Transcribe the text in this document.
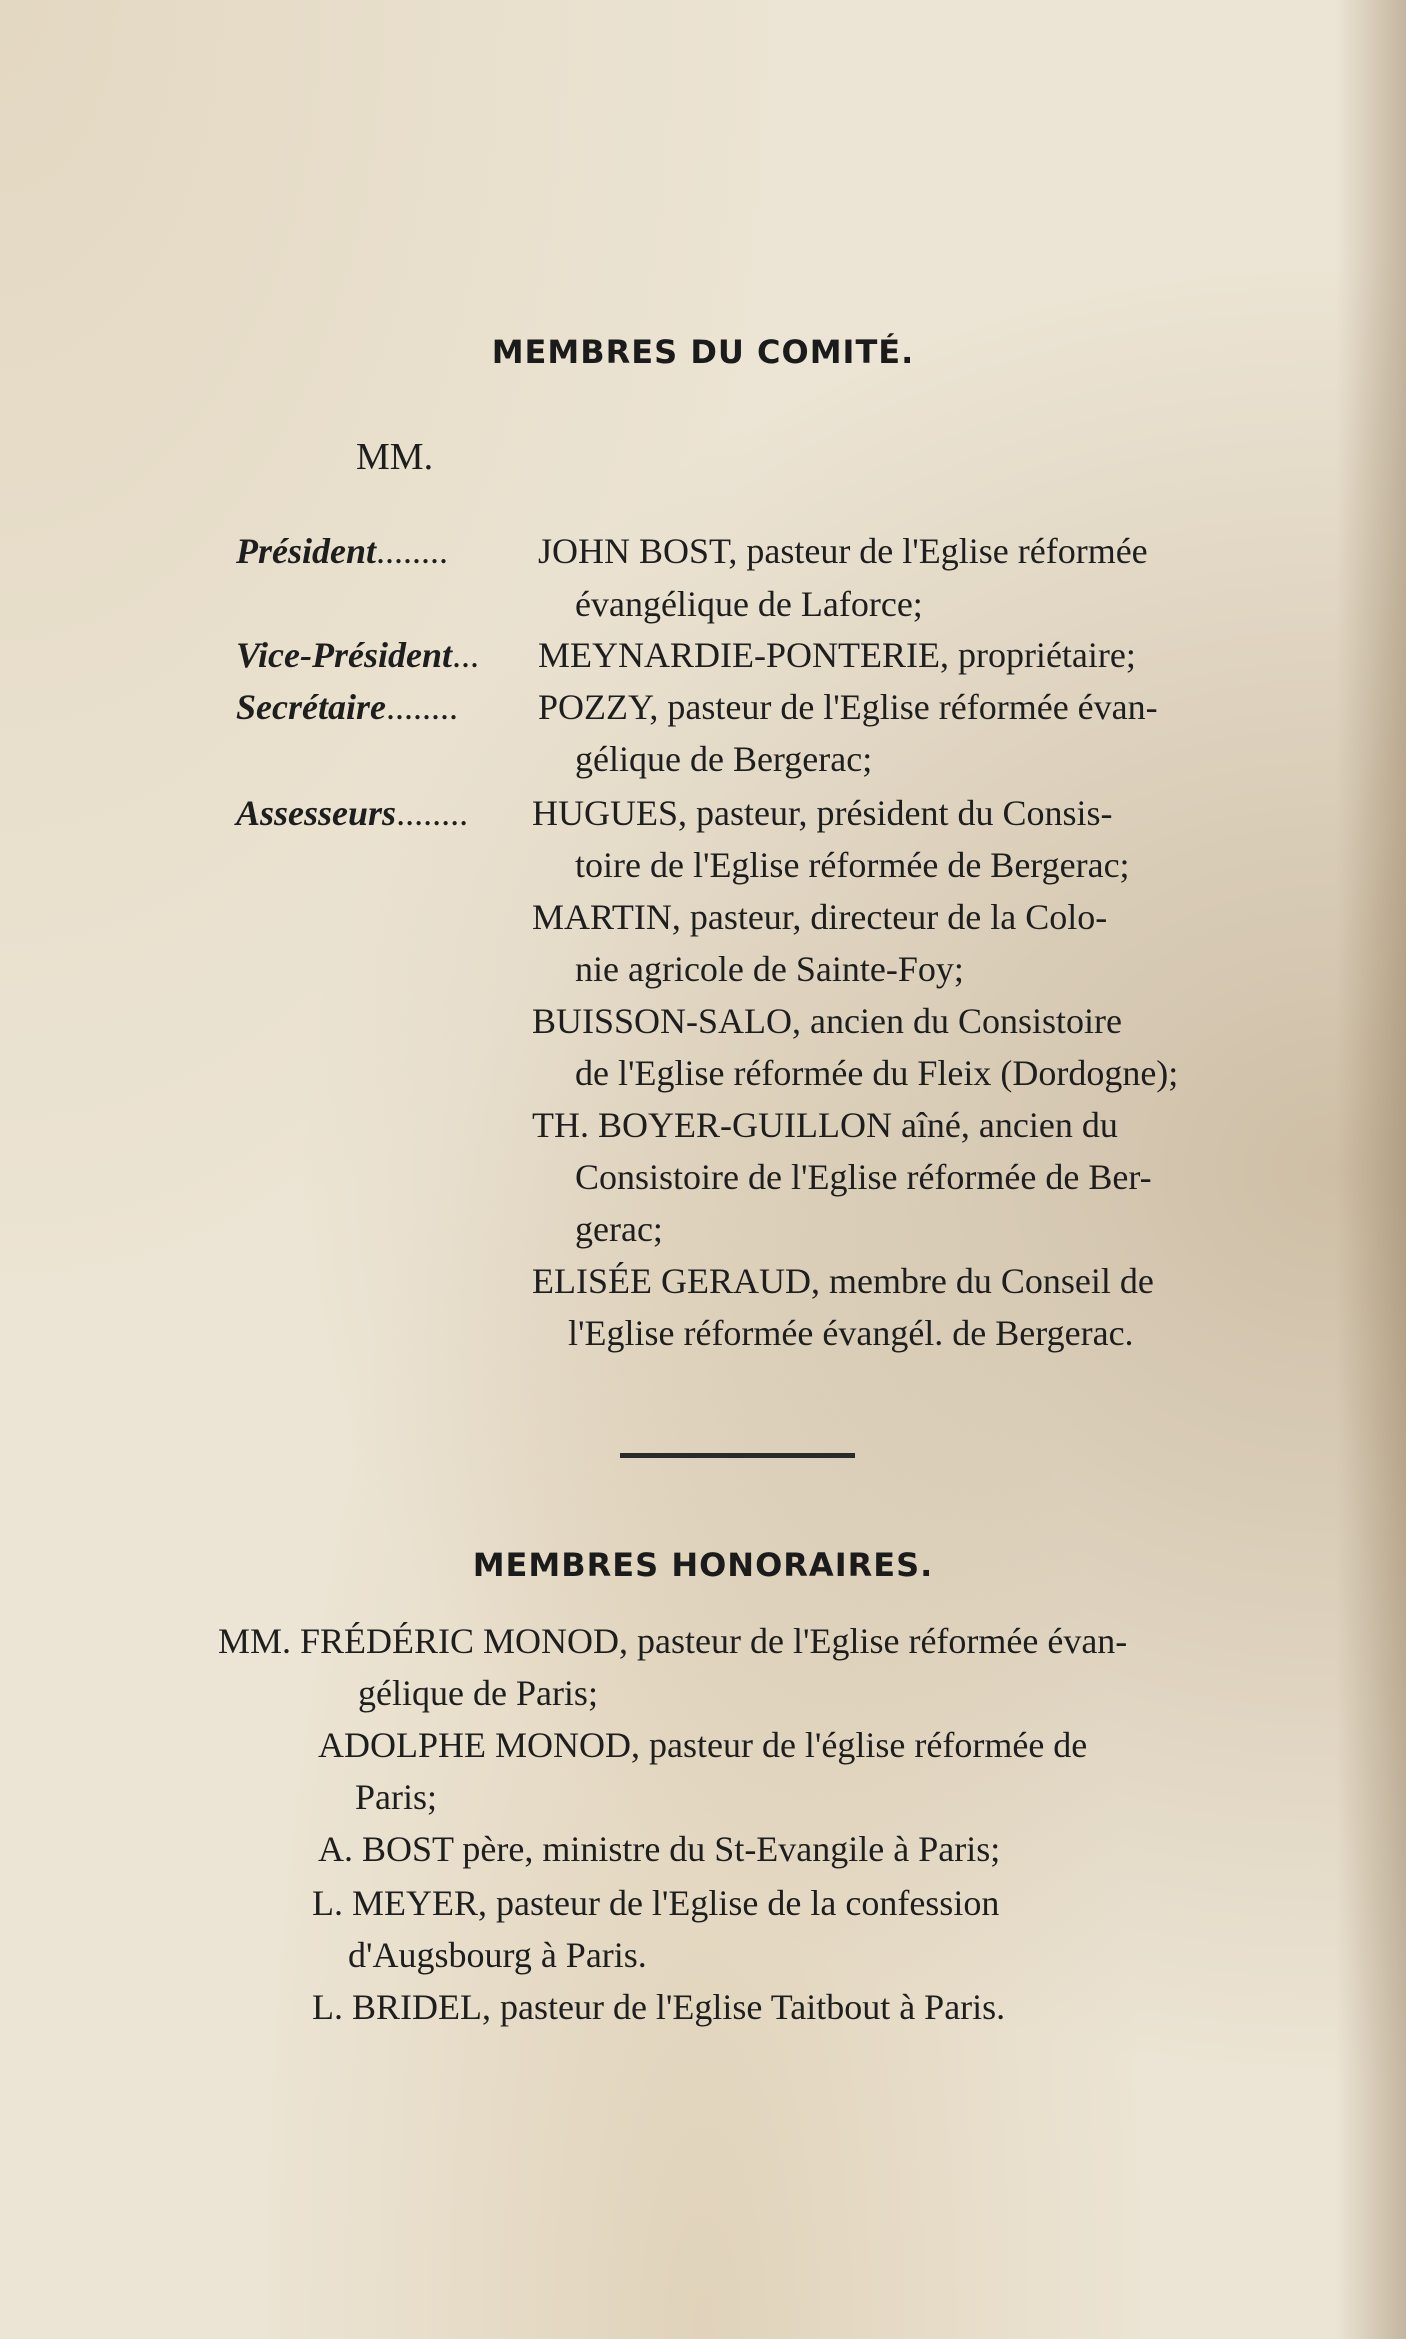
MEMBRES DU COMITÉ.
MM.
Président........	JOHN BOST, pasteur de l'Eglise réformée
évangélique de Laforce;
Vice-Président... MEYNARDIE-PONTERIE, propriétaire;
Secrétaire........ POZZY, pasteur de l'Eglise réformée évan-
gélique de Bergerac;
Assesseurs........ HUGUES, pasteur, président du Consis-
toire de l'Eglise réformée de Bergerac;
MARTIN, pasteur, directeur de la Colo-
nie agricole de Sainte-Foy;
BUISSON-SALO, ancien du Consistoire
de l'Eglise réformée du Fleix (Dordogne);
TH. BOYER-GUILLON aîné, ancien du
Consistoire de l'Eglise réformée de Ber-
gerac;
ELISÉE GERAUD, membre du Conseil de
l'Eglise réformée évangél. de Bergerac.
MEMBRES HONORAIRES.
MM. FRÉDÉRIC MONOD, pasteur de l'Eglise réformée évan-
gélique de Paris;
ADOLPHE MONOD, pasteur de l'église réformée de
Paris;
A. BOST père, ministre du St-Evangile à Paris;
L. MEYER, pasteur de l'Eglise de la confession
d'Augsbourg à Paris.
L. BRIDEL, pasteur de l'Eglise Taitbout à Paris.
